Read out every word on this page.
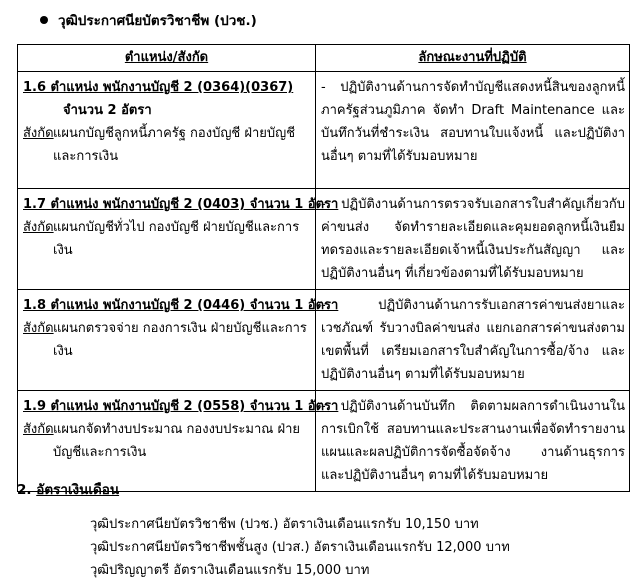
วุฒิประกาศนียบัตรวิชาชีพ (ปวช.)
ตำแหน่ง/สังกัด	ลักษณะงานที่ปฏิบัติ

1.6 ตำแหน่ง พนักงานบัญชี 2 (0364)(0367)
จำนวน 2 อัตรา
สังกัด แผนกบัญชีลูกหนี้ภาครัฐ กองบัญชี ฝ่ายบัญชีและการเงิน	- ปฏิบัติงานด้านการจัดทำบัญชีแสดงหนี้สินของลูกหนี้ภาครัฐส่วนภูมิภาค จัดทำ Draft Maintenance และบันทึกวันที่ชำระเงิน สอบทานใบแจ้งหนี้ และปฏิบัติงานอื่นๆ ตามที่ได้รับมอบหมาย

1.7 ตำแหน่ง พนักงานบัญชี 2 (0403) จำนวน 1 อัตรา
สังกัด แผนกบัญชีทั่วไป กองบัญชี ฝ่ายบัญชีและการเงิน	- ปฏิบัติงานด้านการตรวจรับเอกสารใบสำคัญเกี่ยวกับค่าขนส่ง จัดทำรายละเอียดและคุมยอดลูกหนี้เงินยืมทดรองและรายละเอียดเจ้าหนี้เงินประกันสัญญา และปฏิบัติงานอื่นๆ ที่เกี่ยวข้องตามที่ได้รับมอบหมาย

1.8 ตำแหน่ง พนักงานบัญชี 2 (0446) จำนวน 1 อัตรา
สังกัด แผนกตรวจจ่าย กองการเงิน ฝ่ายบัญชีและการเงิน	- ปฏิบัติงานด้านการรับเอกสารค่าขนส่งยาและเวชภัณฑ์ รับวางบิลค่าขนส่ง แยกเอกสารค่าขนส่งตามเขตพื้นที่ เตรียมเอกสารใบสำคัญในการซื้อ/จ้าง และปฏิบัติงานอื่นๆ ตามที่ได้รับมอบหมาย

1.9 ตำแหน่ง พนักงานบัญชี 2 (0558) จำนวน 1 อัตรา
สังกัด แผนกจัดทำงบประมาณ กองงบประมาณ ฝ่ายบัญชีและการเงิน	- ปฏิบัติงานด้านบันทึก ติดตามผลการดำเนินงานในการเบิกใช้ สอบทานและประสานงานเพื่อจัดทำรายงานแผนและผลปฏิบัติการจัดซื้อจัดจ้าง งานด้านธุรการ และปฏิบัติงานอื่นๆ ตามที่ได้รับมอบหมาย
2. อัตราเงินเดือน
วุฒิประกาศนียบัตรวิชาชีพ (ปวช.) อัตราเงินเดือนแรกรับ 10,150 บาท
วุฒิประกาศนียบัตรวิชาชีพชั้นสูง (ปวส.) อัตราเงินเดือนแรกรับ 12,000 บาท
วุฒิปริญญาตรี อัตราเงินเดือนแรกรับ 15,000 บาท
